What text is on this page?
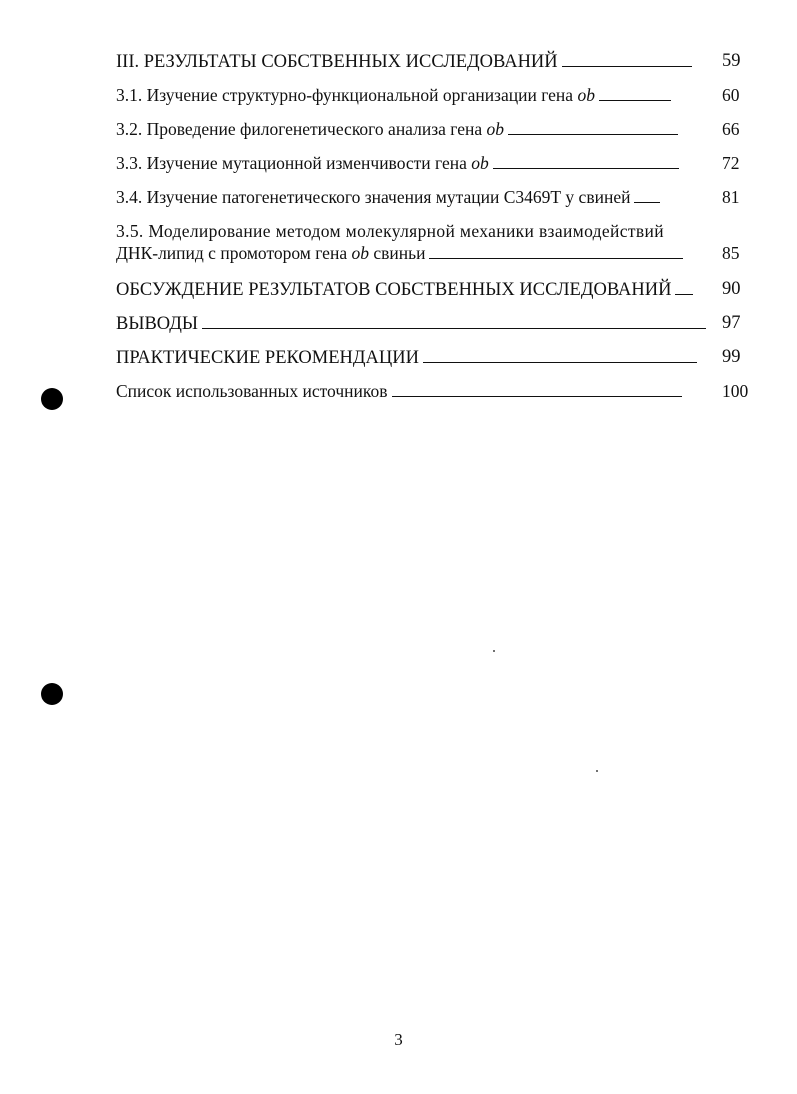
III. РЕЗУЛЬТАТЫ СОБСТВЕННЫХ ИССЛЕДОВАНИЙ	59
3.1. Изучение структурно-функциональной организации гена ob	60
3.2. Проведение филогенетического анализа гена ob	66
3.3. Изучение мутационной изменчивости гена ob	72
3.4. Изучение патогенетического значения мутации С3469Т у свиней	81
3.5. Моделирование методом молекулярной механики взаимодействий
ДНК-липид с промотором гена ob свиньи	85
ОБСУЖДЕНИЕ РЕЗУЛЬТАТОВ СОБСТВЕННЫХ ИССЛЕДОВАНИЙ	90
ВЫВОДЫ	97
ПРАКТИЧЕСКИЕ РЕКОМЕНДАЦИИ	99
Список использованных источников	100
3
